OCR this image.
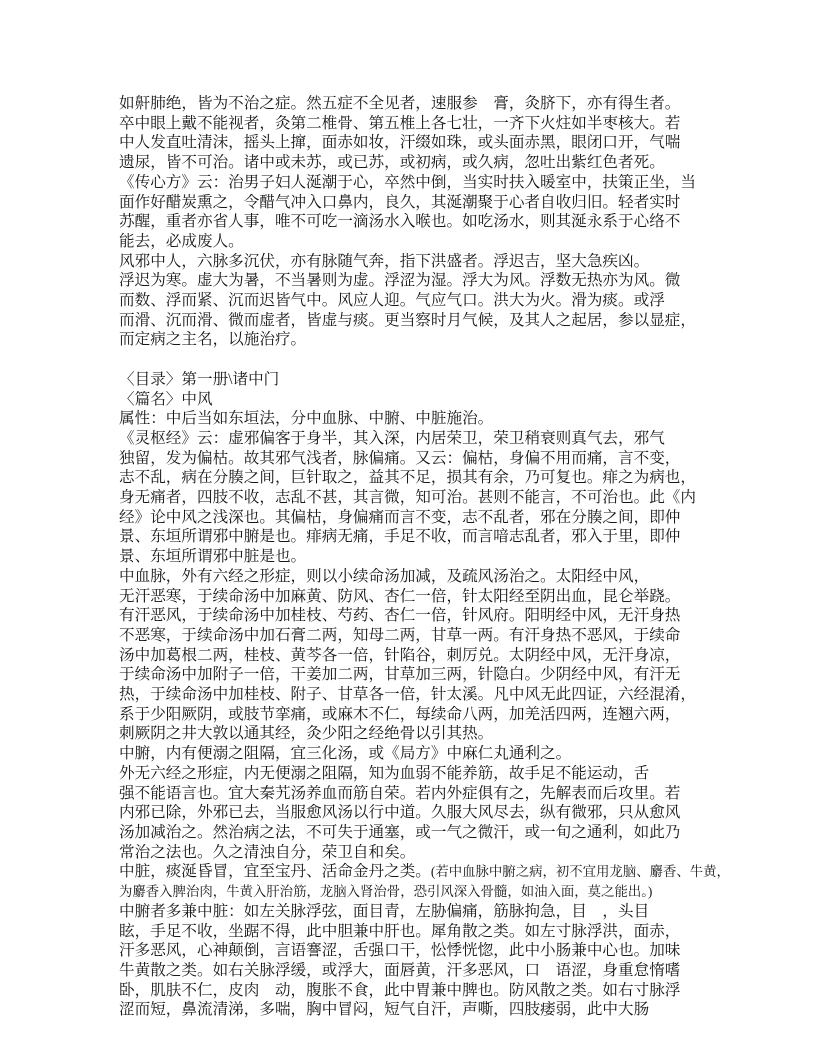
如鼾肺绝，皆为不治之症。然五症不全见者，速服参　膏，灸脐下，亦有得生者。
卒中眼上戴不能视者，灸第二椎骨、第五椎上各七壮，一齐下火炷如半枣核大。若
中人发直吐清沫，摇头上撺，面赤如妆，汗缀如珠，或头面赤黑，眼闭口开，气喘
遗尿，皆不可治。诸中或未苏，或已苏，或初病，或久病，忽吐出紫红色者死。
《传心方》云：治男子妇人涎潮于心，卒然中倒，当实时扶入暖室中，扶策正坐，当
面作好醋炭熏之，令醋气冲入口鼻内，良久，其涎潮聚于心者自收归旧。轻者实时
苏醒，重者亦省人事，唯不可吃一滴汤水入喉也。如吃汤水，则其涎永系于心络不
能去，必成废人。
风邪中人，六脉多沉伏，亦有脉随气奔，指下洪盛者。浮迟吉，坚大急疾凶。
浮迟为寒。虚大为暑，不当暑则为虚。浮涩为湿。浮大为风。浮数无热亦为风。微
而数、浮而紧、沉而迟皆气中。风应人迎。气应气口。洪大为火。滑为痰。或浮
而滑、沉而滑、微而虚者，皆虚与痰。更当察时月气候，及其人之起居，参以显症，
而定病之主名，以施治疗。
〈目录〉第一册\诸中门
〈篇名〉中风
属性：中后当如东垣法，分中血脉、中腑、中脏施治。
《灵枢经》云：虚邪偏客于身半，其入深，内居荣卫，荣卫稍衰则真气去，邪气
独留，发为偏枯。故其邪气浅者，脉偏痛。又云：偏枯，身偏不用而痛，言不变，
志不乱，病在分腠之间，巨针取之，益其不足，损其有余，乃可复也。痱之为病也，
身无痛者，四肢不收，志乱不甚，其言微，知可治。甚则不能言，不可治也。此《内
经》论中风之浅深也。其偏枯，身偏痛而言不变，志不乱者，邪在分腠之间，即仲
景、东垣所谓邪中腑是也。痱病无痛，手足不收，而言喑志乱者，邪入于里，即仲
景、东垣所谓邪中脏是也。
中血脉，外有六经之形症，则以小续命汤加减，及疏风汤治之。太阳经中风，
无汗恶寒，于续命汤中加麻黄、防风、杏仁一倍，针太阳经至阴出血，昆仑举跷。
有汗恶风，于续命汤中加桂枝、芍药、杏仁一倍，针风府。阳明经中风，无汗身热
不恶寒，于续命汤中加石膏二两，知母二两，甘草一两。有汗身热不恶风，于续命
汤中加葛根二两，桂枝、黄芩各一倍，针陷谷，刺厉兑。太阴经中风，无汗身凉，
于续命汤中加附子一倍，干姜加二两，甘草加三两，针隐白。少阴经中风，有汗无
热，于续命汤中加桂枝、附子、甘草各一倍，针太溪。凡中风无此四证，六经混淆，
系于少阳厥阴，或肢节挛痛，或麻木不仁，每续命八两，加羌活四两，连翘六两，
刺厥阴之井大敦以通其经，灸少阳之经绝骨以引其热。
中腑，内有便溺之阻隔，宜三化汤，或《局方》中麻仁丸通利之。
外无六经之形症，内无便溺之阻隔，知为血弱不能养筋，故手足不能运动，舌
强不能语言也。宜大秦艽汤养血而筋自荣。若内外症俱有之，先解表而后攻里。若
内邪已除，外邪已去，当服愈风汤以行中道。久服大风尽去，纵有微邪，只从愈风
汤加减治之。然治病之法，不可失于通塞，或一气之微汗，或一旬之通利，如此乃
常治之法也。久之清浊自分，荣卫自和矣。
中脏，痰涎昏冒，宜至宝丹、活命金丹之类。(若中血脉中腑之病，初不宜用龙脑、麝香、牛黄，
为麝香入脾治肉，牛黄入肝治筋，龙脑入肾治骨，恐引风深入骨髓，如油入面，莫之能出。)
中腑者多兼中脏：如左关脉浮弦，面目青，左胁偏痛，筋脉拘急，目　，头目
眩，手足不收，坐踞不得，此中胆兼中肝也。犀角散之类。如左寸脉浮洪，面赤，
汗多恶风，心神颠倒，言语謇涩，舌强口干，忪悸恍惚，此中小肠兼中心也。加味
牛黄散之类。如右关脉浮缓，或浮大，面唇黄，汗多恶风，口　语涩，身重怠惰嗜
卧，肌肤不仁，皮肉　动，腹胀不食，此中胃兼中脾也。防风散之类。如右寸脉浮
涩而短，鼻流清涕，多喘，胸中冒闷，短气自汗，声嘶，四肢痿弱，此中大肠
